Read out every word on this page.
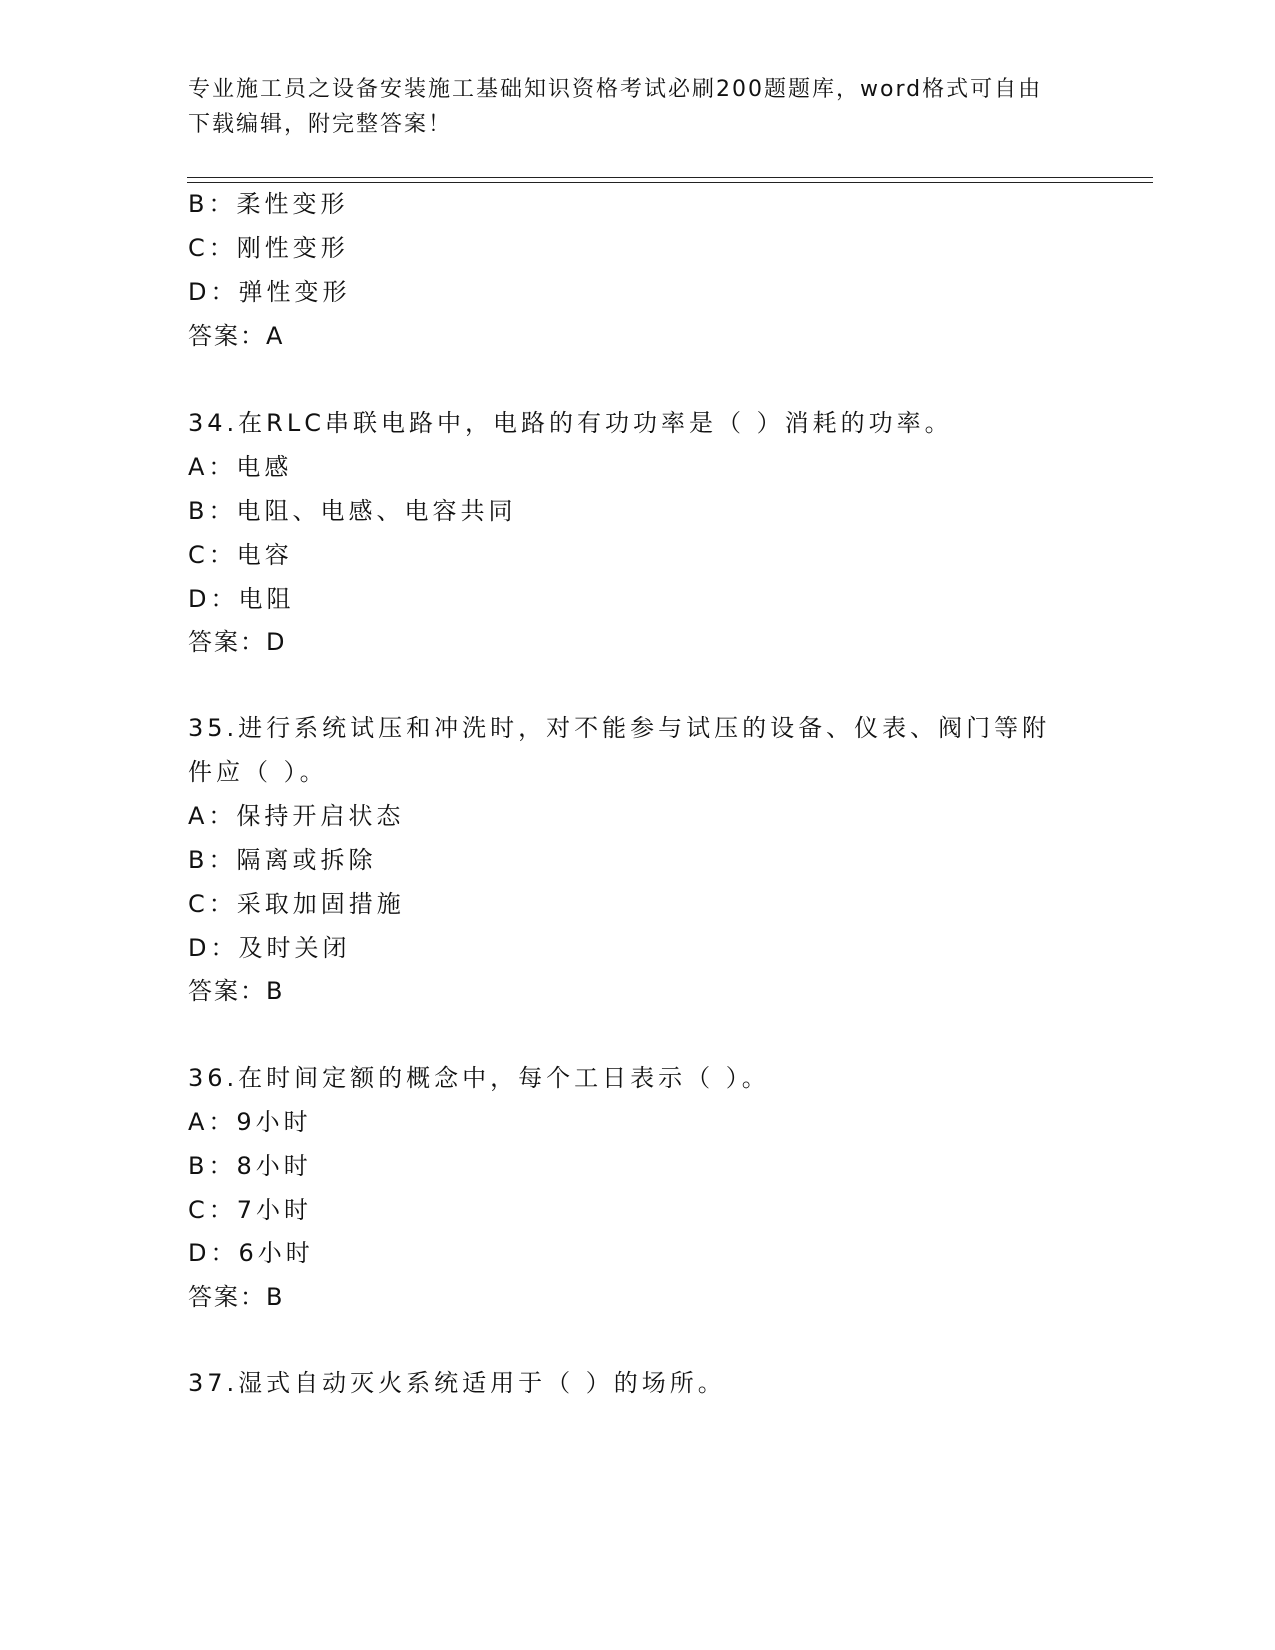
专业施工员之设备安装施工基础知识资格考试必刷200题题库，word格式可自由
下载编辑，附完整答案！
B：柔性变形
C：刚性变形
D：弹性变形
答案：A
34.在RLC串联电路中，电路的有功功率是（ ）消耗的功率。
A：电感
B：电阻、电感、电容共同
C：电容
D：电阻
答案：D
35.进行系统试压和冲洗时，对不能参与试压的设备、仪表、阀门等附
件应（ ）。
A：保持开启状态
B：隔离或拆除
C：采取加固措施
D：及时关闭
答案：B
36.在时间定额的概念中，每个工日表示（ ）。
A：9小时
B：8小时
C：7小时
D：6小时
答案：B
37.湿式自动灭火系统适用于（ ）的场所。
